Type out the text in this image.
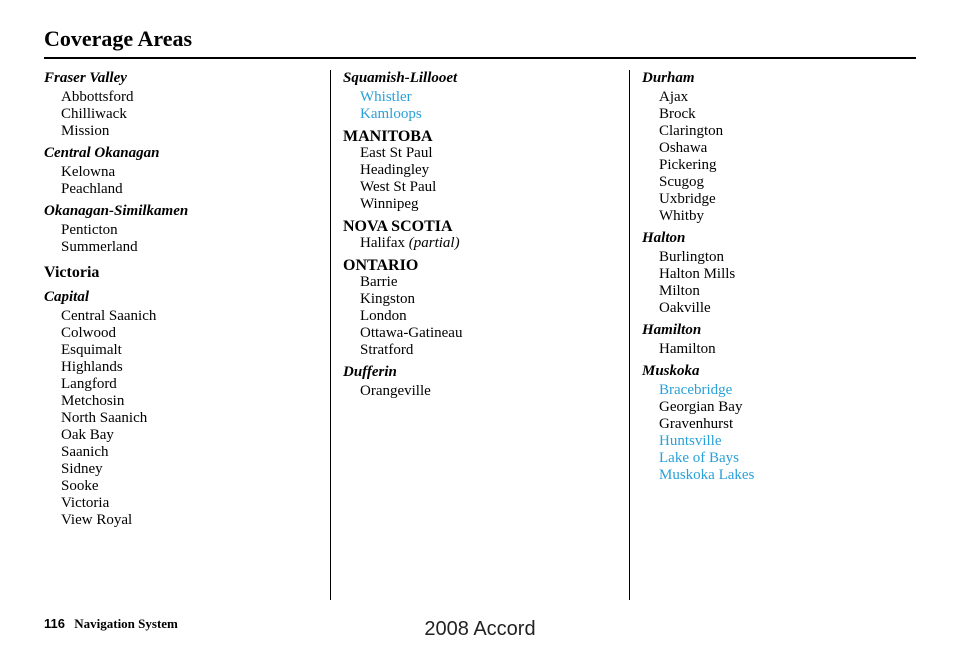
Coverage Areas
Fraser Valley
Abbottsford
Chilliwack
Mission
Central Okanagan
Kelowna
Peachland
Okanagan-Similkamen
Penticton
Summerland
Victoria
Capital
Central Saanich
Colwood
Esquimalt
Highlands
Langford
Metchosin
North Saanich
Oak Bay
Saanich
Sidney
Sooke
Victoria
View Royal
Squamish-Lillooet
Whistler
Kamloops
MANITOBA
East St Paul
Headingley
West St Paul
Winnipeg
NOVA SCOTIA
Halifax (partial)
ONTARIO
Barrie
Kingston
London
Ottawa-Gatineau
Stratford
Dufferin
Orangeville
Durham
Ajax
Brock
Clarington
Oshawa
Pickering
Scugog
Uxbridge
Whitby
Halton
Burlington
Halton Mills
Milton
Oakville
Hamilton
Hamilton
Muskoka
Bracebridge
Georgian Bay
Gravenhurst
Huntsville
Lake of Bays
Muskoka Lakes
116 Navigation System	2008 Accord
